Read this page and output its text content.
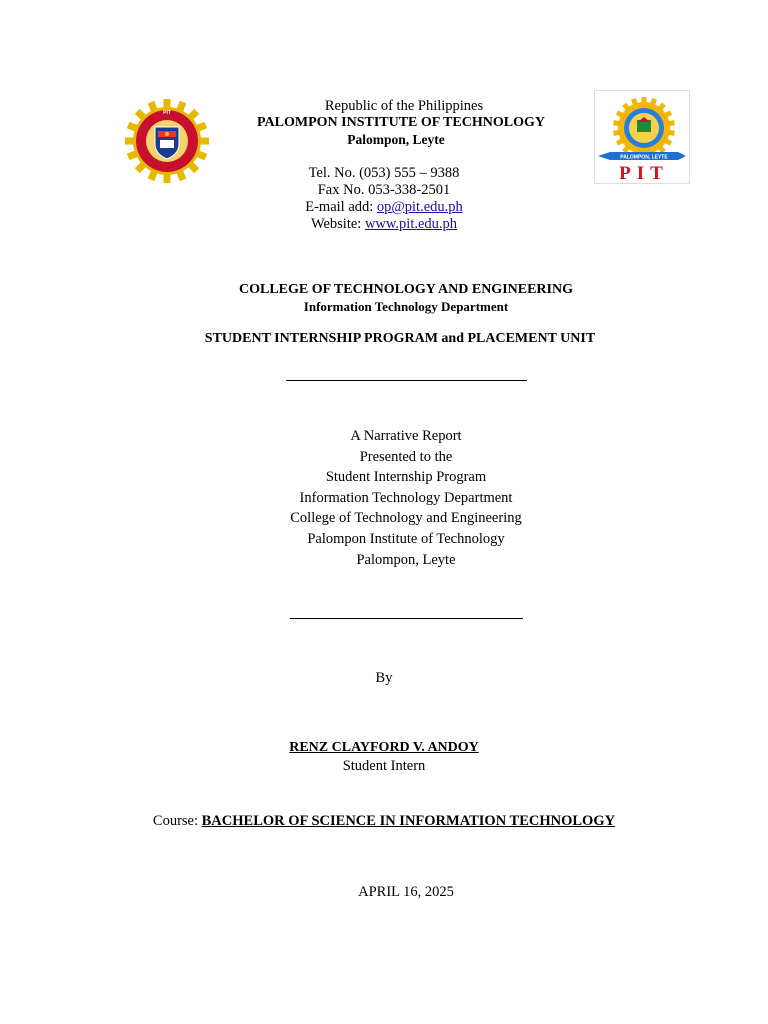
PIT
PALOMPON, LEYTE
PIT
Republic of the Philippines
PALOMPON INSTITUTE OF TECHNOLOGY
Palompon, Leyte
Tel. No. (053) 555 – 9388
Fax No. 053-338-2501
E-mail add: op@pit.edu.ph
Website: www.pit.edu.ph
COLLEGE OF TECHNOLOGY AND ENGINEERING
Information Technology Department
STUDENT INTERNSHIP PROGRAM and PLACEMENT UNIT
A Narrative Report
Presented to the
Student Internship Program
Information Technology Department
College of Technology and Engineering
Palompon Institute of Technology
Palompon, Leyte
By
RENZ CLAYFORD V. ANDOY
Student Intern
Course: BACHELOR OF SCIENCE IN INFORMATION TECHNOLOGY
APRIL 16, 2025
